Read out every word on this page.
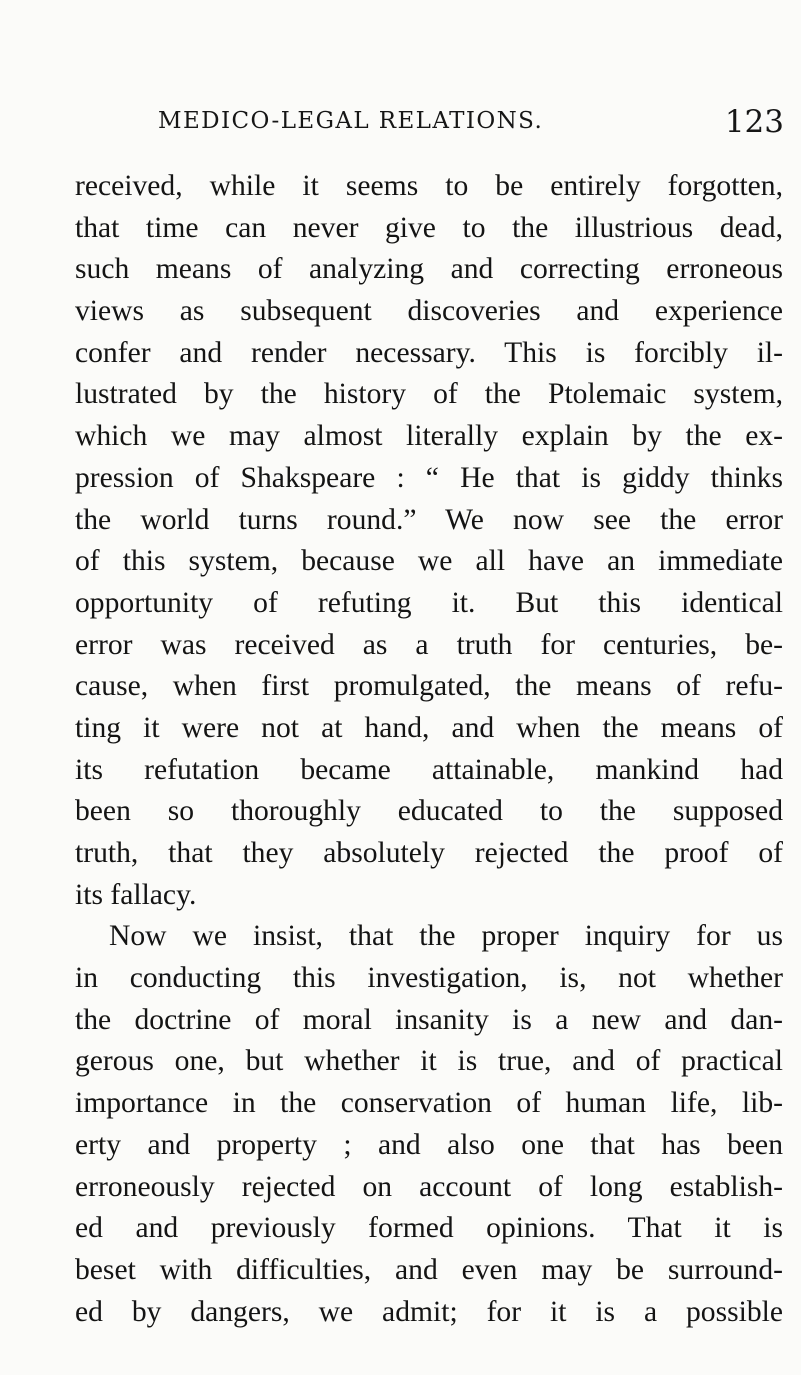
MEDICO-LEGAL RELATIONS.	123
received, while it seems to be entirely forgotten,
that time can never give to the illustrious dead,
such means of analyzing and correcting erroneous
views as subsequent discoveries and experience
confer and render necessary. This is forcibly il-
lustrated by the history of the Ptolemaic system,
which we may almost literally explain by the ex-
pression of Shakspeare : “ He that is giddy thinks
the world turns round.” We now see the error
of this system, because we all have an immediate
opportunity of refuting it. But this identical
error was received as a truth for centuries, be-
cause, when first promulgated, the means of refu-
ting it were not at hand, and when the means of
its refutation became attainable, mankind had
been so thoroughly educated to the supposed
truth, that they absolutely rejected the proof of
its fallacy.
Now we insist, that the proper inquiry for us
in conducting this investigation, is, not whether
the doctrine of moral insanity is a new and dan-
gerous one, but whether it is true, and of practical
importance in the conservation of human life, lib-
erty and property ; and also one that has been
erroneously rejected on account of long establish-
ed and previously formed opinions. That it is
beset with difficulties, and even may be surround-
ed by dangers, we admit; for it is a possible
